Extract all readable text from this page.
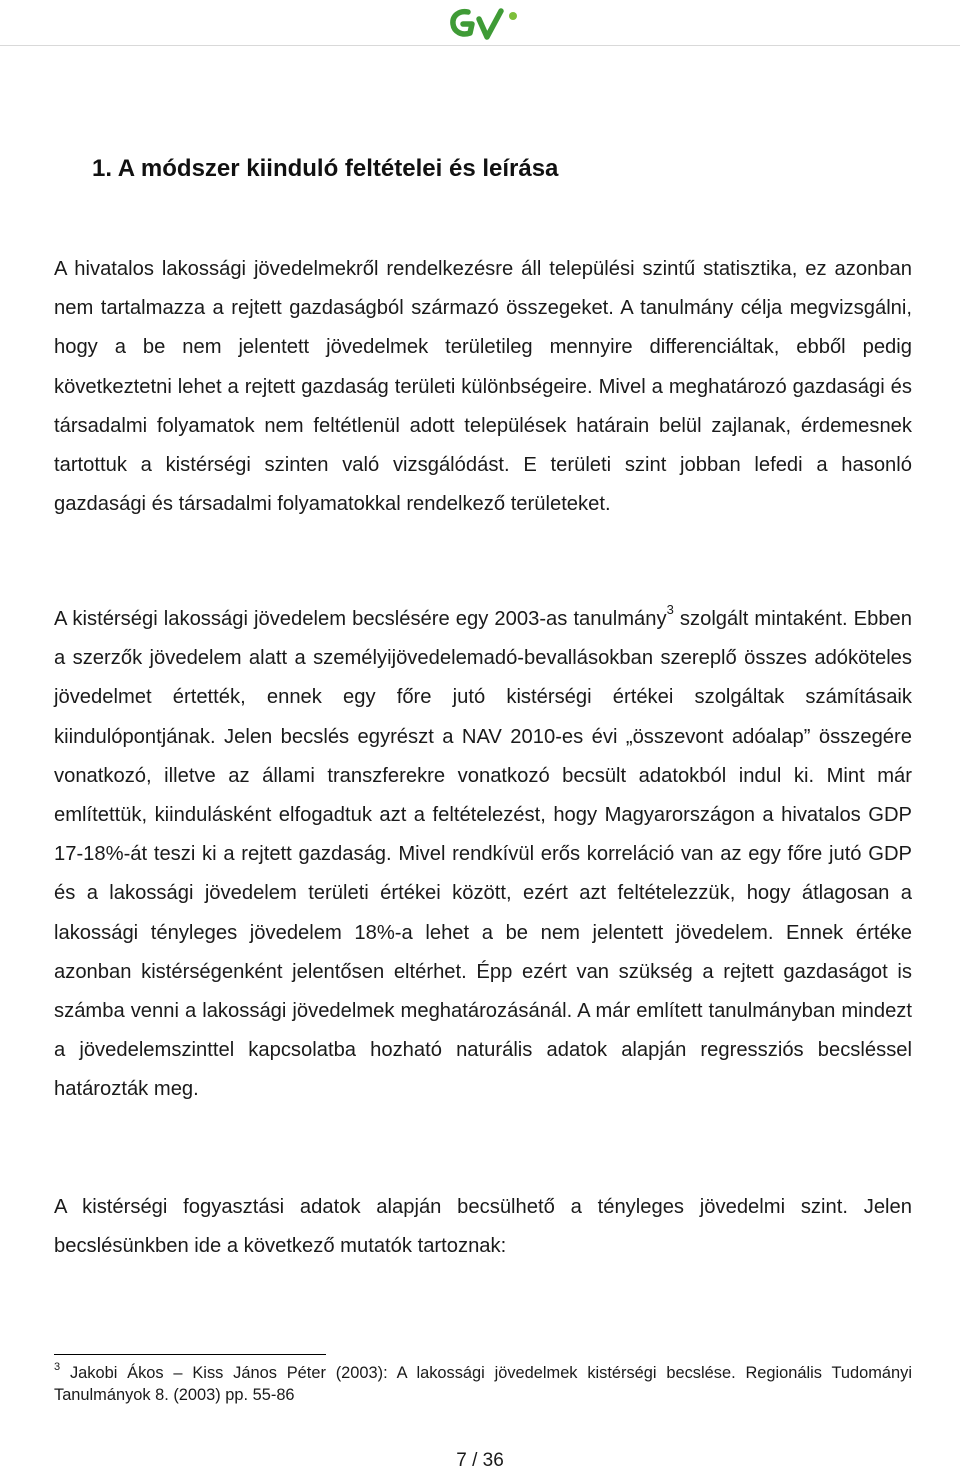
1. A módszer kiinduló feltételei és leírása

A hivatalos lakossági jövedelmekről rendelkezésre áll települési szintű statisztika, ez azonban nem tartalmazza a rejtett gazdaságból származó összegeket. A tanulmány célja megvizsgálni, hogy a be nem jelentett jövedelmek területileg mennyire differenciáltak, ebből pedig következtetni lehet a rejtett gazdaság területi különbségeire. Mivel a meghatározó gazdasági és társadalmi folyamatok nem feltétlenül adott települések határain belül zajlanak, érdemesnek tartottuk a kistérségi szinten való vizsgálódást. E területi szint jobban lefedi a hasonló gazdasági és társadalmi folyamatokkal rendelkező területeket.

A kistérségi lakossági jövedelem becslésére egy 2003-as tanulmány$^3$ szolgált mintaként. Ebben a szerzők jövedelem alatt a személyijövedelemadó-bevallásokban szereplő összes adóköteles jövedelmet értették, ennek egy főre jutó kistérségi értékei szolgáltak számításaik kiindulópontjának. Jelen becslés egyrészt a NAV 2010-es évi „összevont adóalap” összegére vonatkozó, illetve az állami transzferekre vonatkozó becsült adatokból indul ki. Mint már említettük, kiindulásként elfogadtuk azt a feltételezést, hogy Magyarországon a hivatalos GDP 17-18%-át teszi ki a rejtett gazdaság. Mivel rendkívül erős korreláció van az egy főre jutó GDP és a lakossági jövedelem területi értékei között, ezért azt feltételezzük, hogy átlagosan a lakossági tényleges jövedelem 18%-a lehet a be nem jelentett jövedelem. Ennek értéke azonban kistérségenként jelentősen eltérhet. Épp ezért van szükség a rejtett gazdaságot is számba venni a lakossági jövedelmek meghatározásánál. A már említett tanulmányban mindezt a jövedelemszinttel kapcsolatba hozható naturális adatok alapján regressziós becsléssel határozták meg.

A kistérségi fogyasztási adatok alapján becsülhető a tényleges jövedelmi szint. Jelen becslésünkben ide a következő mutatók tartoznak:

$^3$ Jakobi Ákos – Kiss János Péter (2003): A lakossági jövedelmek kistérségi becslése. Regionális Tudományi Tanulmányok 8. (2003) pp. 55-86

7 / 36
